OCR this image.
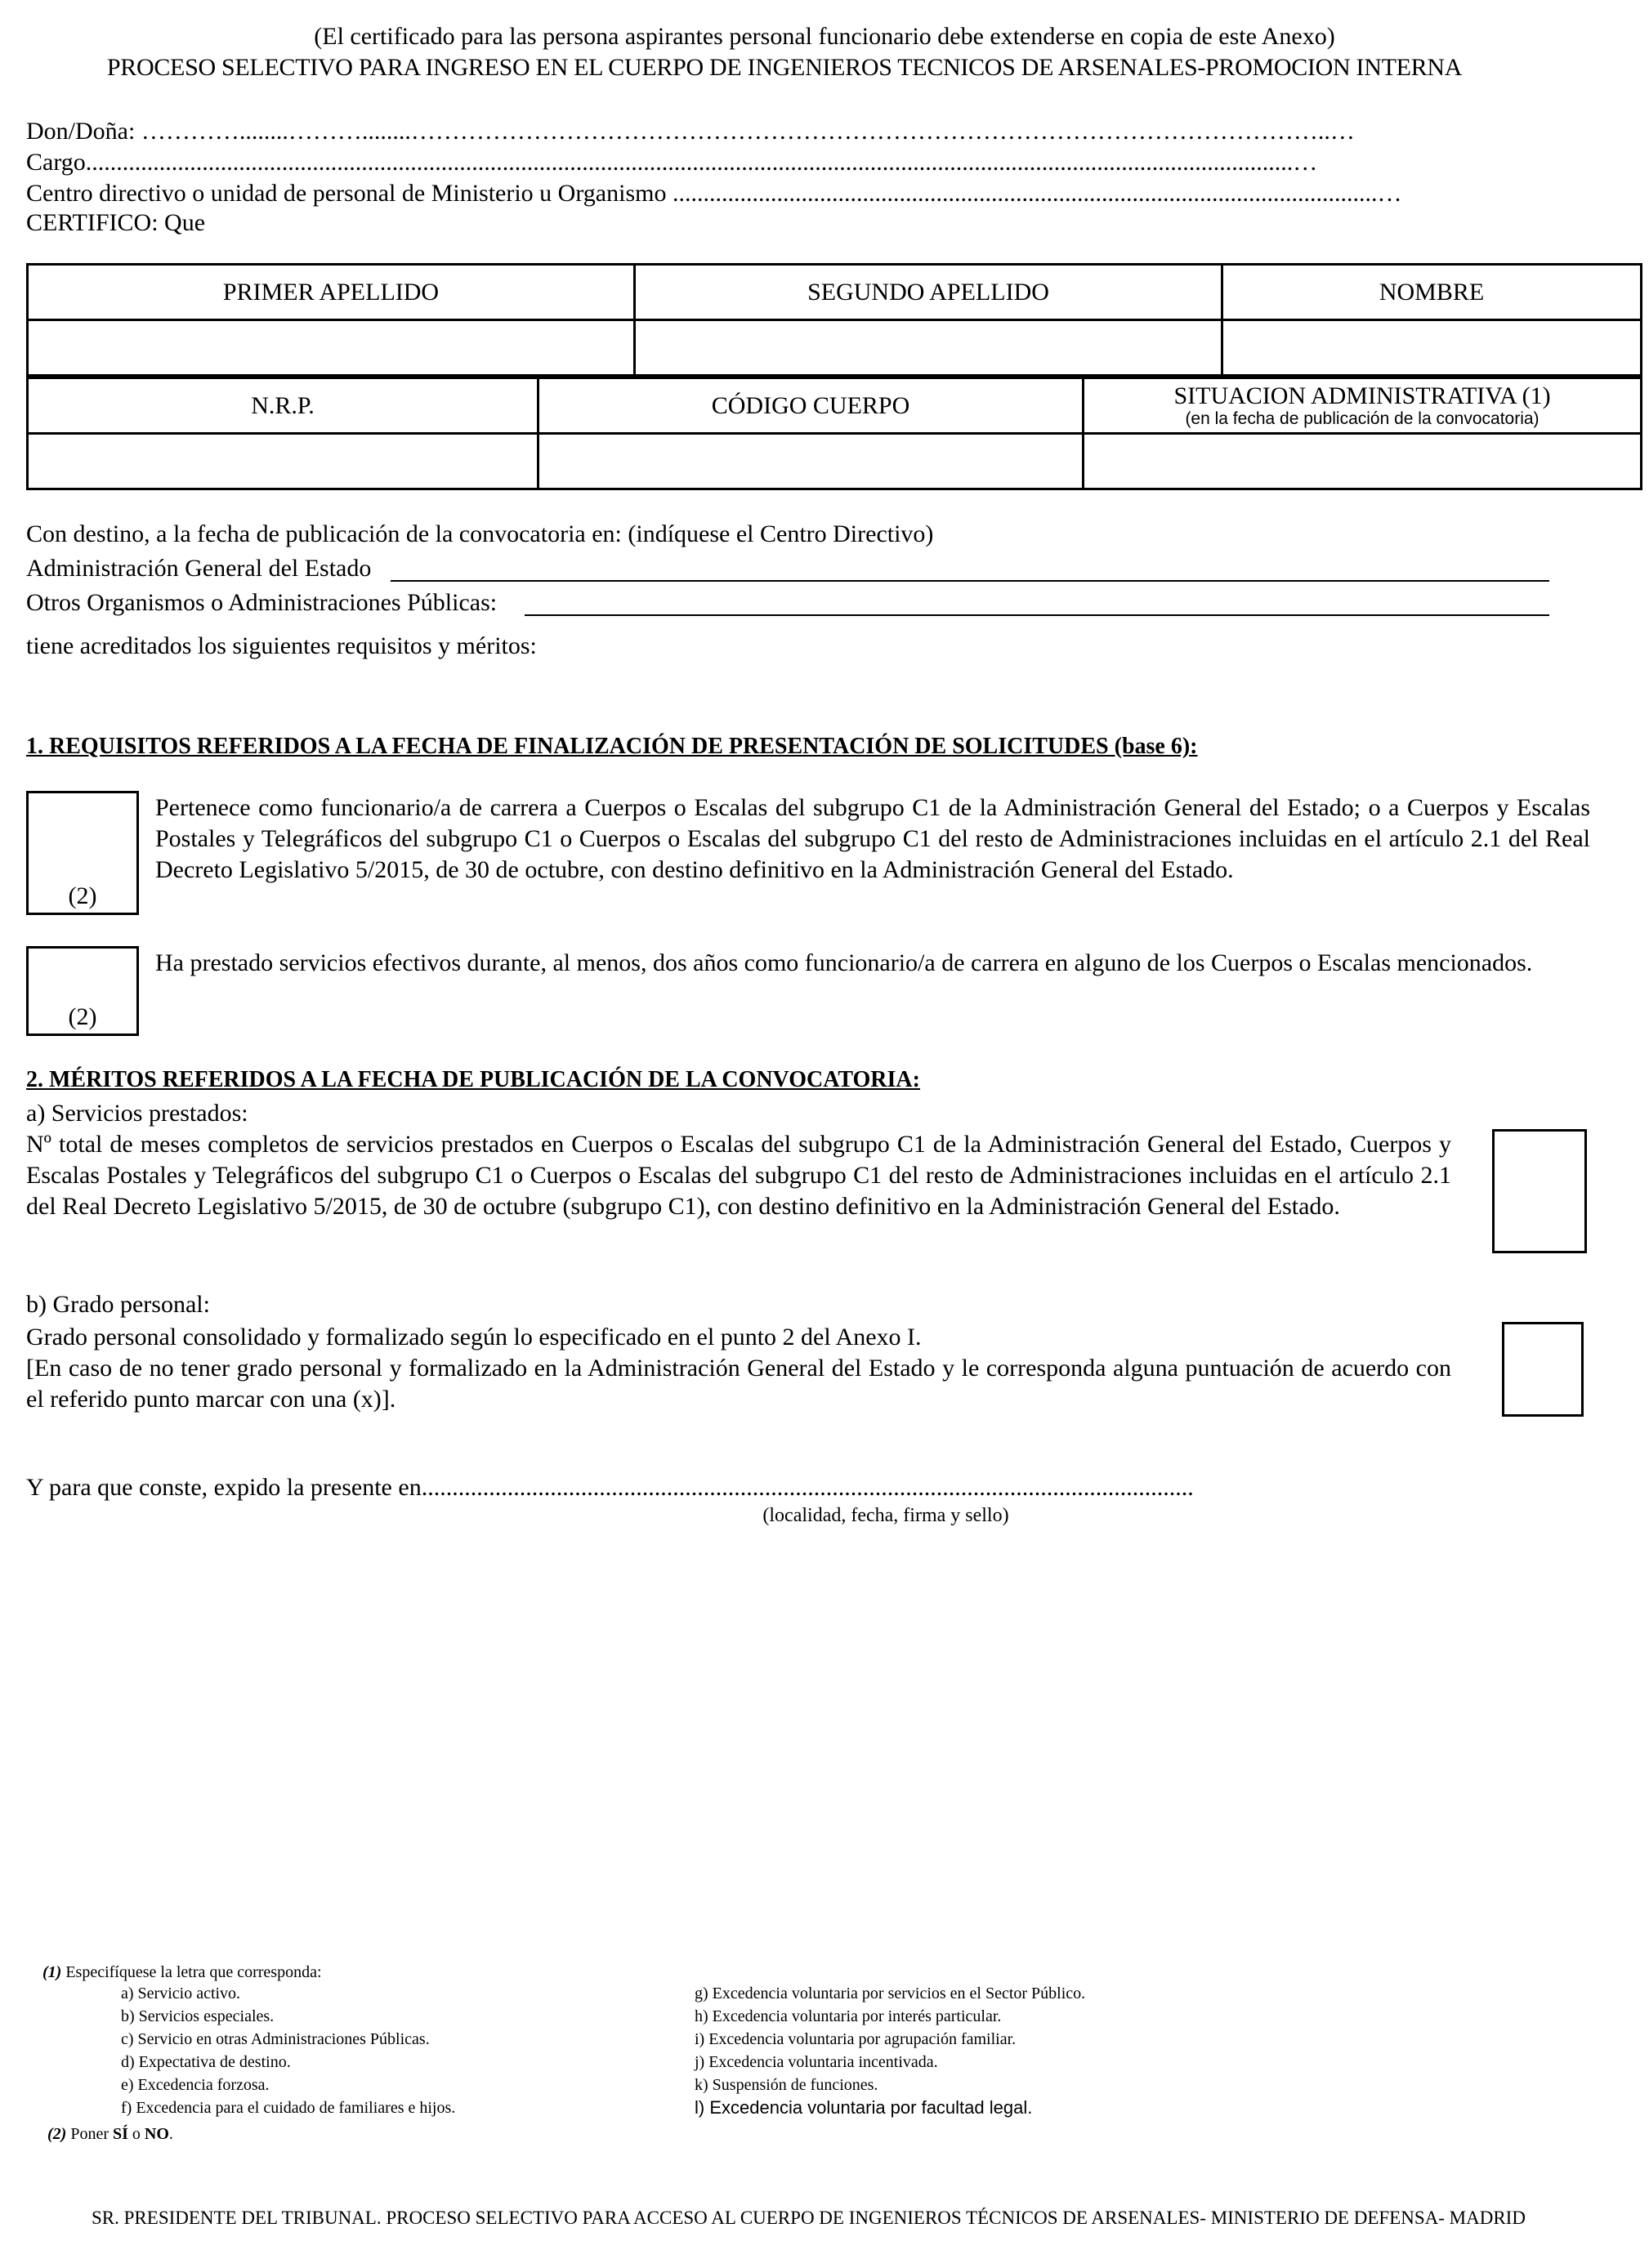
(El certificado para las persona aspirantes personal funcionario debe extenderse en copia de este Anexo)
PROCESO SELECTIVO PARA INGRESO EN EL CUERPO DE INGENIEROS TECNICOS DE ARSENALES-PROMOCION INTERNA
Don/Doña: …………........………........…………………………………………………………………………………………………..…
Cargo.....................................................................................................................................................................................................…
Centro directivo o unidad de personal de Ministerio u Organismo ...................................................................................................................…
CERTIFICO: Que
PRIMER APELLIDO	SEGUNDO APELLIDO	NOMBRE

N.R.P.	CÓDIGO CUERPO	SITUACION ADMINISTRATIVA (1)
(en la fecha de publicación de la convocatoria)

Con destino, a la fecha de publicación de la convocatoria en: (indíquese el Centro Directivo)
Administración General del Estado
Otros Organismos o Administraciones Públicas:
tiene acreditados los siguientes requisitos y méritos:
1. REQUISITOS REFERIDOS A LA FECHA DE FINALIZACIÓN DE PRESENTACIÓN DE SOLICITUDES (base 6):
(2)
Pertenece como funcionario/a de carrera a Cuerpos o Escalas del subgrupo C1 de la Administración General del Estado; o a Cuerpos y Escalas Postales y Telegráficos del subgrupo C1 o Cuerpos o Escalas del subgrupo C1 del resto de Administraciones incluidas en el artículo 2.1 del Real Decreto Legislativo 5/2015, de 30 de octubre, con destino definitivo en la Administración General del Estado.
(2)
Ha prestado servicios efectivos durante, al menos, dos años como funcionario/a de carrera en alguno de los Cuerpos o Escalas mencionados.
2. MÉRITOS REFERIDOS A LA FECHA DE PUBLICACIÓN DE LA CONVOCATORIA:
a) Servicios prestados:
Nº total de meses completos de servicios prestados en Cuerpos o Escalas del subgrupo C1 de la Administración General del Estado, Cuerpos y Escalas Postales y Telegráficos del subgrupo C1 o Cuerpos o Escalas del subgrupo C1 del resto de Administraciones incluidas en el artículo 2.1 del Real Decreto Legislativo 5/2015, de 30 de octubre (subgrupo C1), con destino definitivo en la Administración General del Estado.
b) Grado personal:
Grado personal consolidado y formalizado según lo especificado en el punto 2 del Anexo I.
[En caso de no tener grado personal y formalizado en la Administración General del Estado y le corresponda alguna puntuación de acuerdo con el referido punto marcar con una (x)].
Y para que conste, expido la presente en..............................................................................................................................
(localidad, fecha, firma y sello)
(1) Especifíquese la letra que corresponda:
a) Servicio activo.
b) Servicios especiales.
c) Servicio en otras Administraciones Públicas.
d) Expectativa de destino.
e) Excedencia forzosa.
f) Excedencia para el cuidado de familiares e hijos.
g) Excedencia voluntaria por servicios en el Sector Público.
h) Excedencia voluntaria por interés particular.
i) Excedencia voluntaria por agrupación familiar.
j) Excedencia voluntaria incentivada.
k) Suspensión de funciones.
l) Excedencia voluntaria por facultad legal.
(2) Poner SÍ o NO.
SR. PRESIDENTE DEL TRIBUNAL. PROCESO SELECTIVO PARA ACCESO AL CUERPO DE INGENIEROS TÉCNICOS DE ARSENALES- MINISTERIO DE DEFENSA- MADRID
